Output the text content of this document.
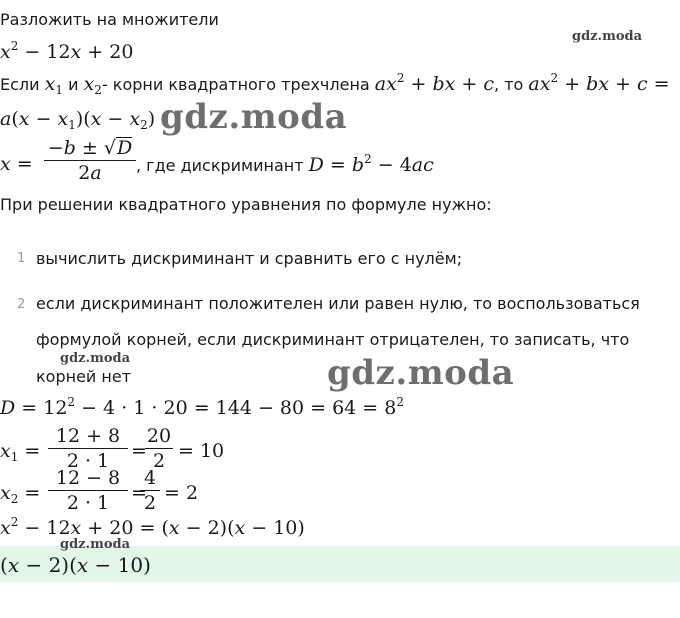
Разложить на множители
$x^2 - 12x + 20$
Если $x_1$ и $x_2-$ корни квадратного трехчлена $ax^2$ + bx + c, то $ax^2$ + bx + c =
$a(x - x_1)(x - x_2)$
x =
−b ± √D
2a	, где дискриминант $D = b^2 - 4ac$
При решении квадратного уравнения по формуле нужно:
1 вычислить дискриминант и сравнить его с нулём;
2 если дискриминант положителен или равен нулю, то воспользоваться
формулой корней, если дискриминант отрицателен, то записать, что
корней нет
$D = 12^2 - 4 \cdot 1 \cdot 20 = 144 - 80 = 64 = 8^2$
$x_1$ =
12 + 8
2 · 1	=
20
2 = 10
$x_2$ =
12 − 8
2 · 1	=
4
2 = 2
$x^2 - 12x + 20 = (x - 2)(x - 10)$
(x − 2)(x − 10)
gdz.moda
gdz.moda
gdz.moda	gdz.moda
gdz.moda
